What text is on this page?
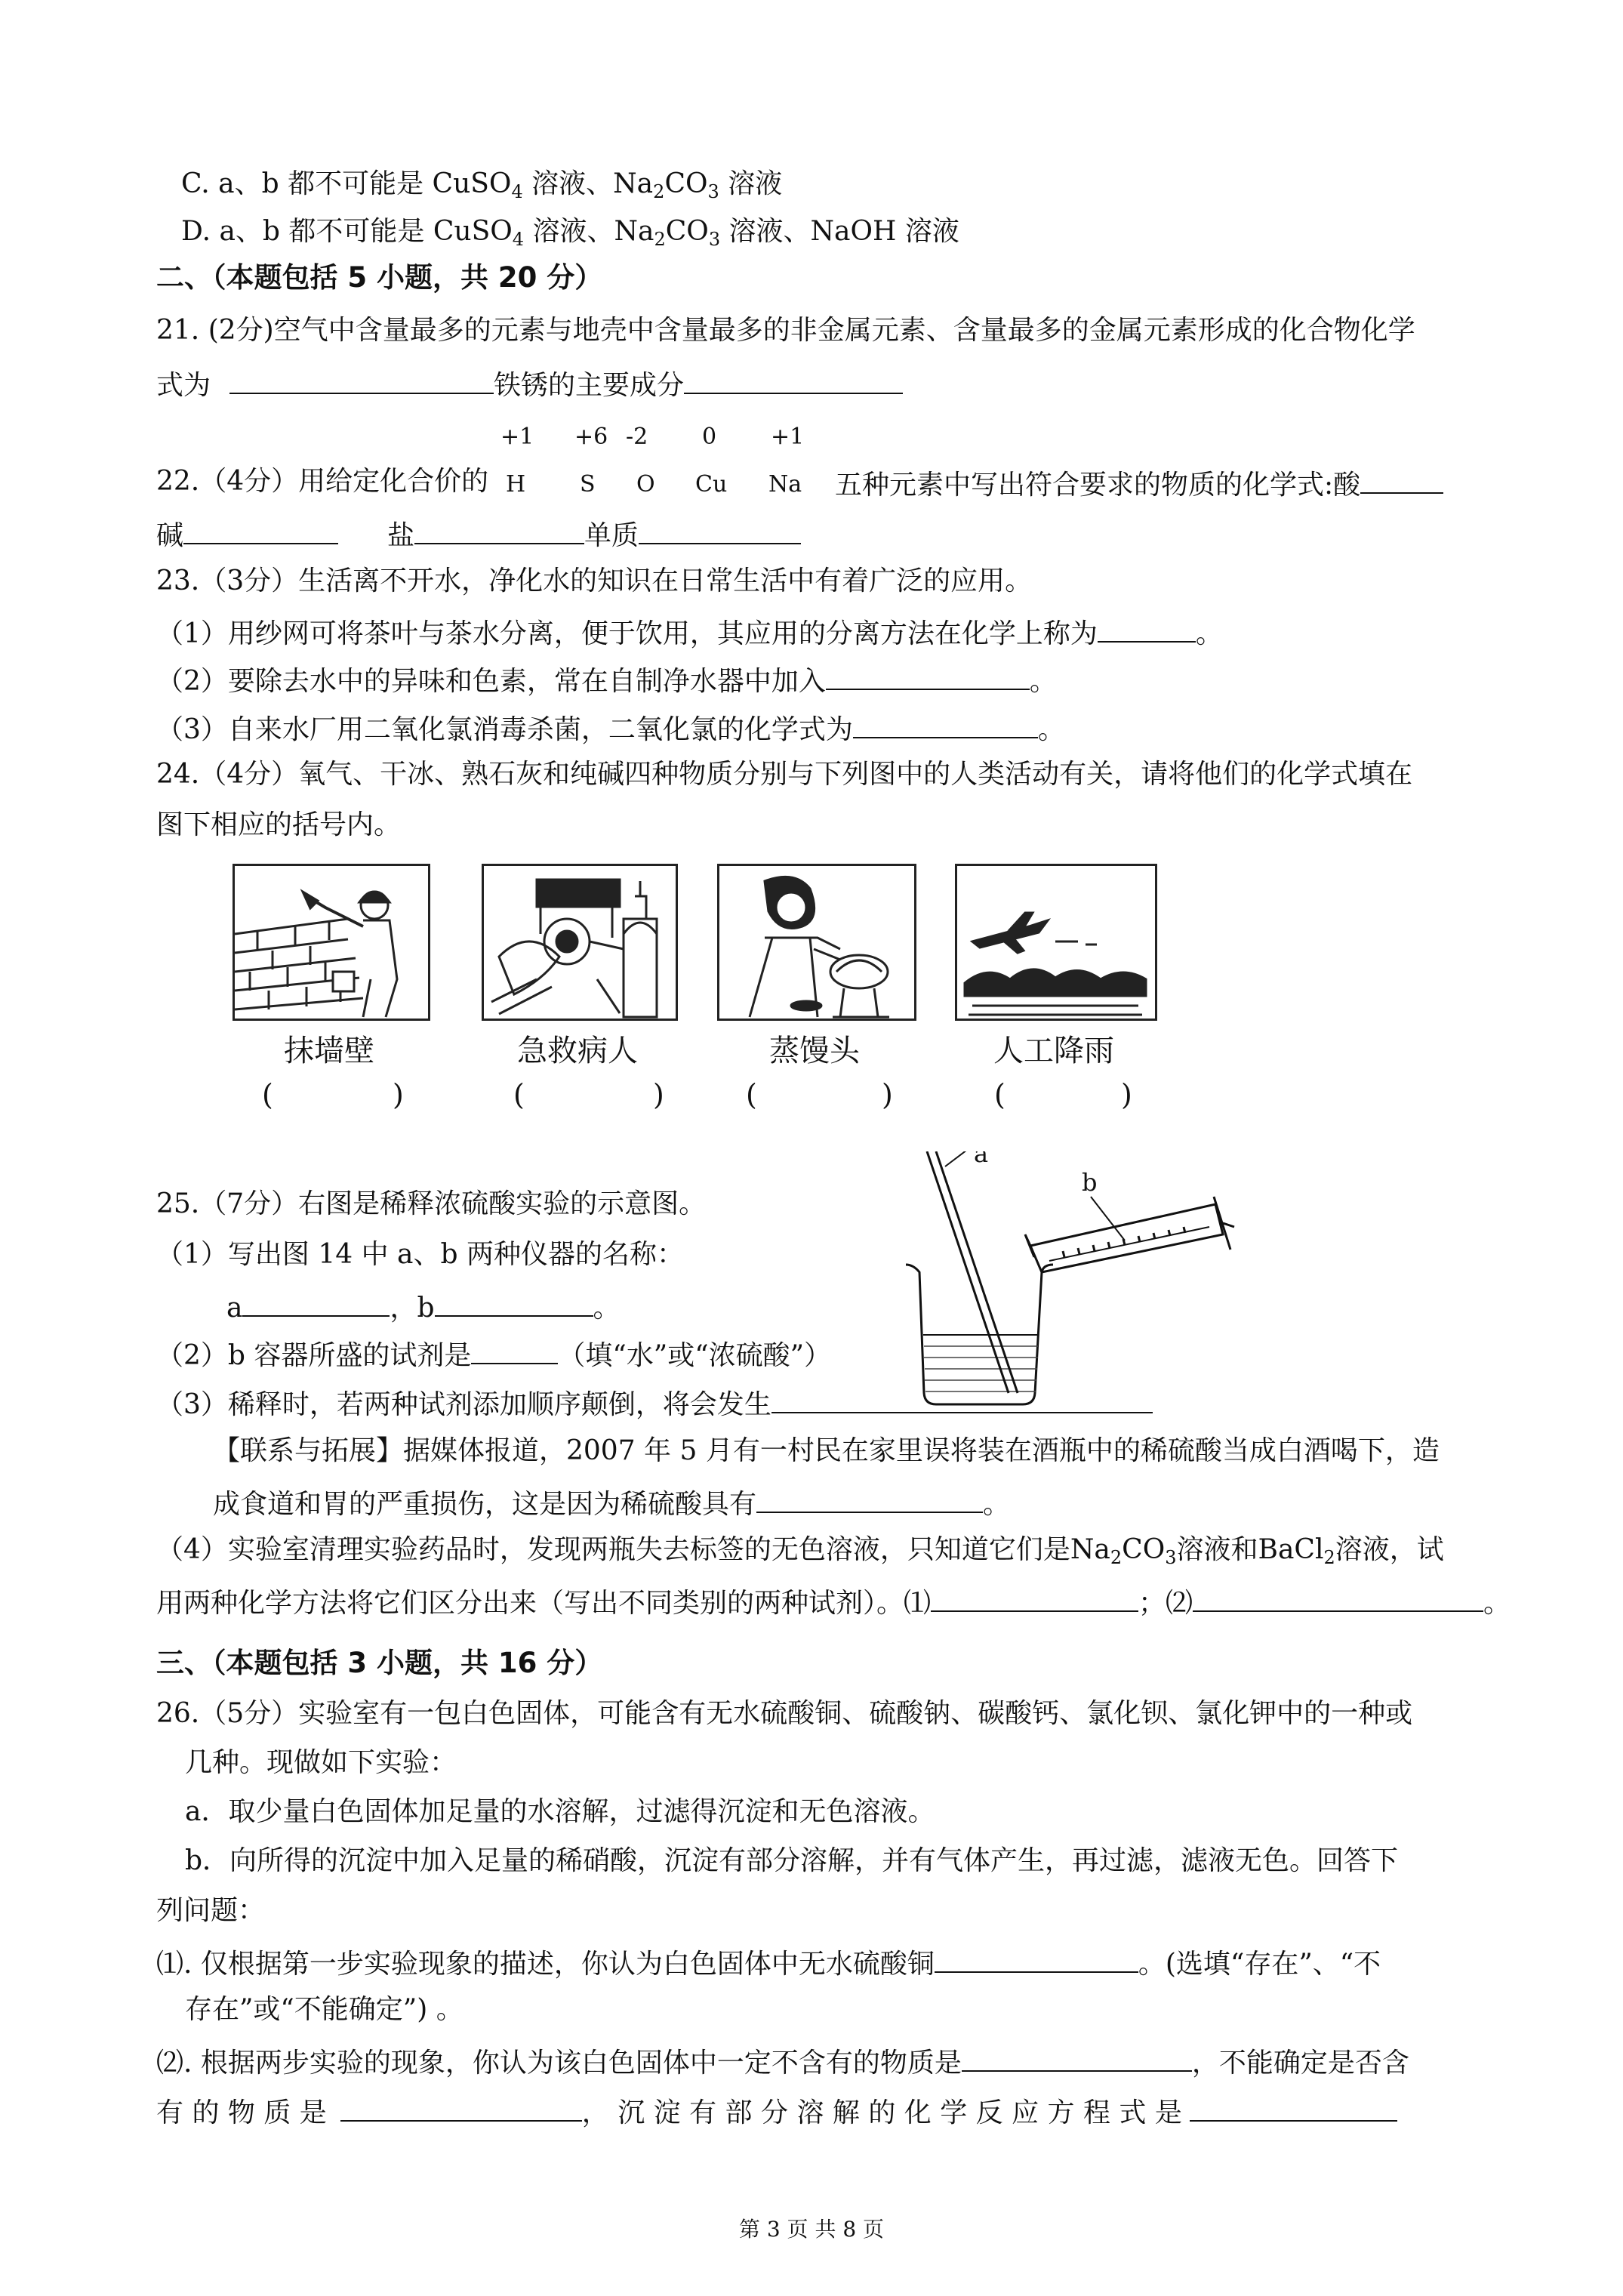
C. a、b 都不可能是 CuSO$_4$ 溶液、$Na_2CO_3$ 溶液
D. a、b 都不可能是 CuSO$_4$ 溶液、$Na_2CO_3$ 溶液、NaOH 溶液
二、（本题包括 5 小题，共 20 分）
21. (2分)空气中含量最多的元素与地壳中含量最多的非金属元素、含量最多的金属元素形成的化合物化学
式为	铁锈的主要成分
+1 +6 -2 0 +1
22.（4分）用给定化合价的 H S O Cu Na 五种元素中写出符合要求的物质的化学式:酸
碱	盐	单质
23.（3分）生活离不开水，净化水的知识在日常生活中有着广泛的应用。
（1）用纱网可将茶叶与茶水分离，便于饮用，其应用的分离方法在化学上称为	。
（2）要除去水中的异味和色素，常在自制净水器中加入	。
（3）自来水厂用二氧化氯消毒杀菌，二氧化氯的化学式为	。
24.（4分）氧气、干冰、熟石灰和纯碱四种物质分别与下列图中的人类活动有关，请将他们的化学式填在
图下相应的括号内。
抹墙壁	急救病人	蒸馒头	人工降雨
(	)	(	)	(	)	(	)
25.（7分）右图是稀释浓硫酸实验的示意图。
（1）写出图 14 中 a、b 两种仪器的名称：
a	，b	。
（2）b 容器所盛的试剂是	（填“水”或“浓硫酸”）
（3）稀释时，若两种试剂添加顺序颠倒，将会发生
【联系与拓展】据媒体报道，2007 年 5 月有一村民在家里误将装在酒瓶中的稀硫酸当成白酒喝下，造
成食道和胃的严重损伤，这是因为稀硫酸具有	。
（4）实验室清理实验药品时，发现两瓶失去标签的无色溶液，只知道它们是$Na_2CO_3$溶液和BaCl$_2$溶液，试
用两种化学方法将它们区分出来（写出不同类别的两种试剂）。⑴	；⑵	。
a
b
三、（本题包括 3 小题，共 16 分）
26.（5分）实验室有一包白色固体，可能含有无水硫酸铜、硫酸钠、碳酸钙、氯化钡、氯化钾中的一种或
几种。现做如下实验：
a．取少量白色固体加足量的水溶解，过滤得沉淀和无色溶液。
b．向所得的沉淀中加入足量的稀硝酸，沉淀有部分溶解，并有气体产生，再过滤，滤液无色。回答下
列问题：
⑴. 仅根据第一步实验现象的描述，你认为白色固体中无水硫酸铜	。(选填“存在”、“不
存在”或“不能确定”) 。
⑵. 根据两步实验的现象，你认为该白色固体中一定不含有的物质是	，不能确定是否含
有 的 物 质 是	， 沉 淀 有 部 分 溶 解 的 化 学 反 应 方 程 式 是
第 3 页 共 8 页
